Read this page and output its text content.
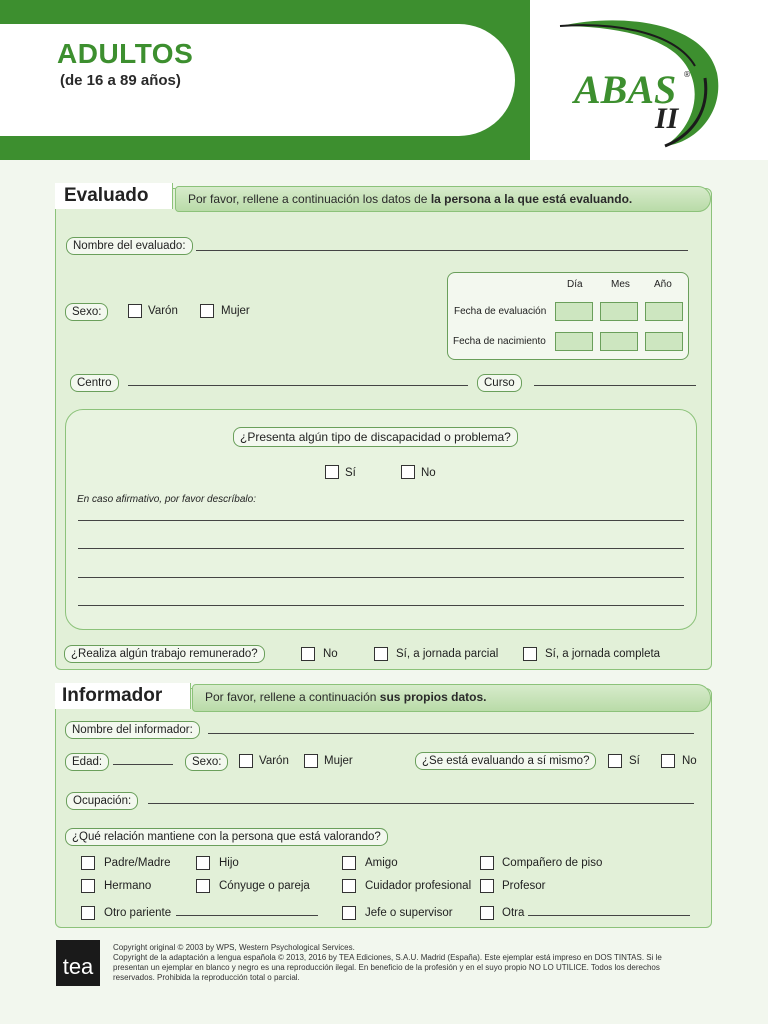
ADULTOS
(de 16 a 89 años)	ABAS ®
II
Evaluado	Por favor, rellene a continuación los datos de la persona a la que está evaluando.
Nombre del evaluado:
Sexo:	Varón	Mujer
Día	Mes Año
Fecha de evaluación
Fecha de nacimiento
Centro	Curso
¿Presenta algún tipo de discapacidad o problema?
Sí	No
En caso afirmativo, por favor descríbalo:
¿Realiza algún trabajo remunerado?	No	Sí, a jornada parcial	Sí, a jornada completa
Informador	Por favor, rellene a continuación sus propios datos.
Nombre del informador:
Edad:	Sexo:	Varón	Mujer	¿Se está evaluando a sí mismo?	Sí	No
Ocupación:
¿Qué relación mantiene con la persona que está valorando?
Padre/Madre	Hijo	Amigo	Compañero de piso
Hermano	Cónyuge o pareja	Cuidador profesional	Profesor
Otro pariente	Jefe o supervisor	Otra
tea
Copyright original © 2003 by WPS, Western Psychological Services.
Copyright de la adaptación a lengua española © 2013, 2016 by TEA Ediciones, S.A.U. Madrid (España). Este ejemplar está impreso en DOS TINTAS. Si le
presentan un ejemplar en blanco y negro es una reproducción ilegal. En beneficio de la profesión y en el suyo propio NO LO UTILICE. Todos los derechos
reservados. Prohibida la reproducción total o parcial.
